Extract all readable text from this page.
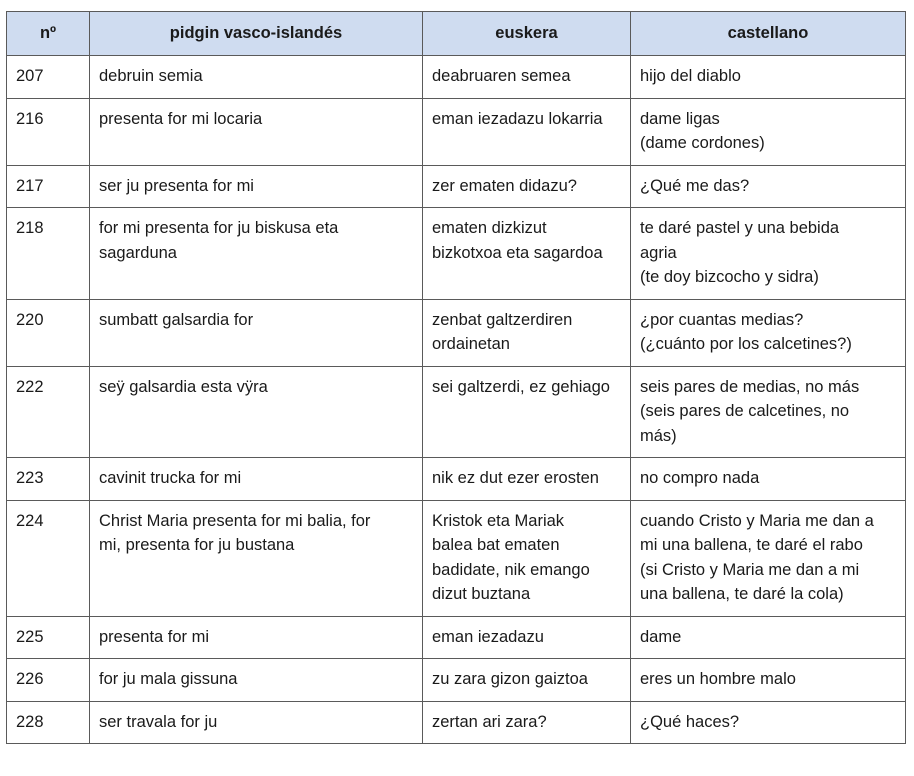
nº	pidgin vasco-islandés	euskera	castellano
207	debruin semia	deabruaren semea	hijo del diablo

216	presenta for mi locaria	eman iezadazu lokarria	dame ligas
(dame cordones)

217	ser ju presenta for mi	zer ematen didazu?	¿Qué me das?

218	for mi presenta for ju biskusa eta
sagarduna	ematen dizkizut
bizkotxoa eta sagardoa	te daré pastel y una bebida
agria
(te doy bizcocho y sidra)

220	sumbatt galsardia for	zenbat galtzerdiren
ordainetan	¿por cuantas medias?
(¿cuánto por los calcetines?)

222	seÿ galsardia esta vÿra	sei galtzerdi, ez gehiago	seis pares de medias, no más
(seis pares de calcetines, no
más)

223	cavinit trucka for mi	nik ez dut ezer erosten	no compro nada

224	Christ Maria presenta for mi balia, for
mi, presenta for ju bustana	Kristok eta Mariak
balea bat ematen
badidate, nik emango
dizut buztana	cuando Cristo y Maria me dan a
mi una ballena, te daré el rabo
(si Cristo y Maria me dan a mi
una ballena, te daré la cola)

225	presenta for mi	eman iezadazu	dame

226	for ju mala gissuna	zu zara gizon gaiztoa	eres un hombre malo

228	ser travala for ju	zertan ari zara?	¿Qué haces?
